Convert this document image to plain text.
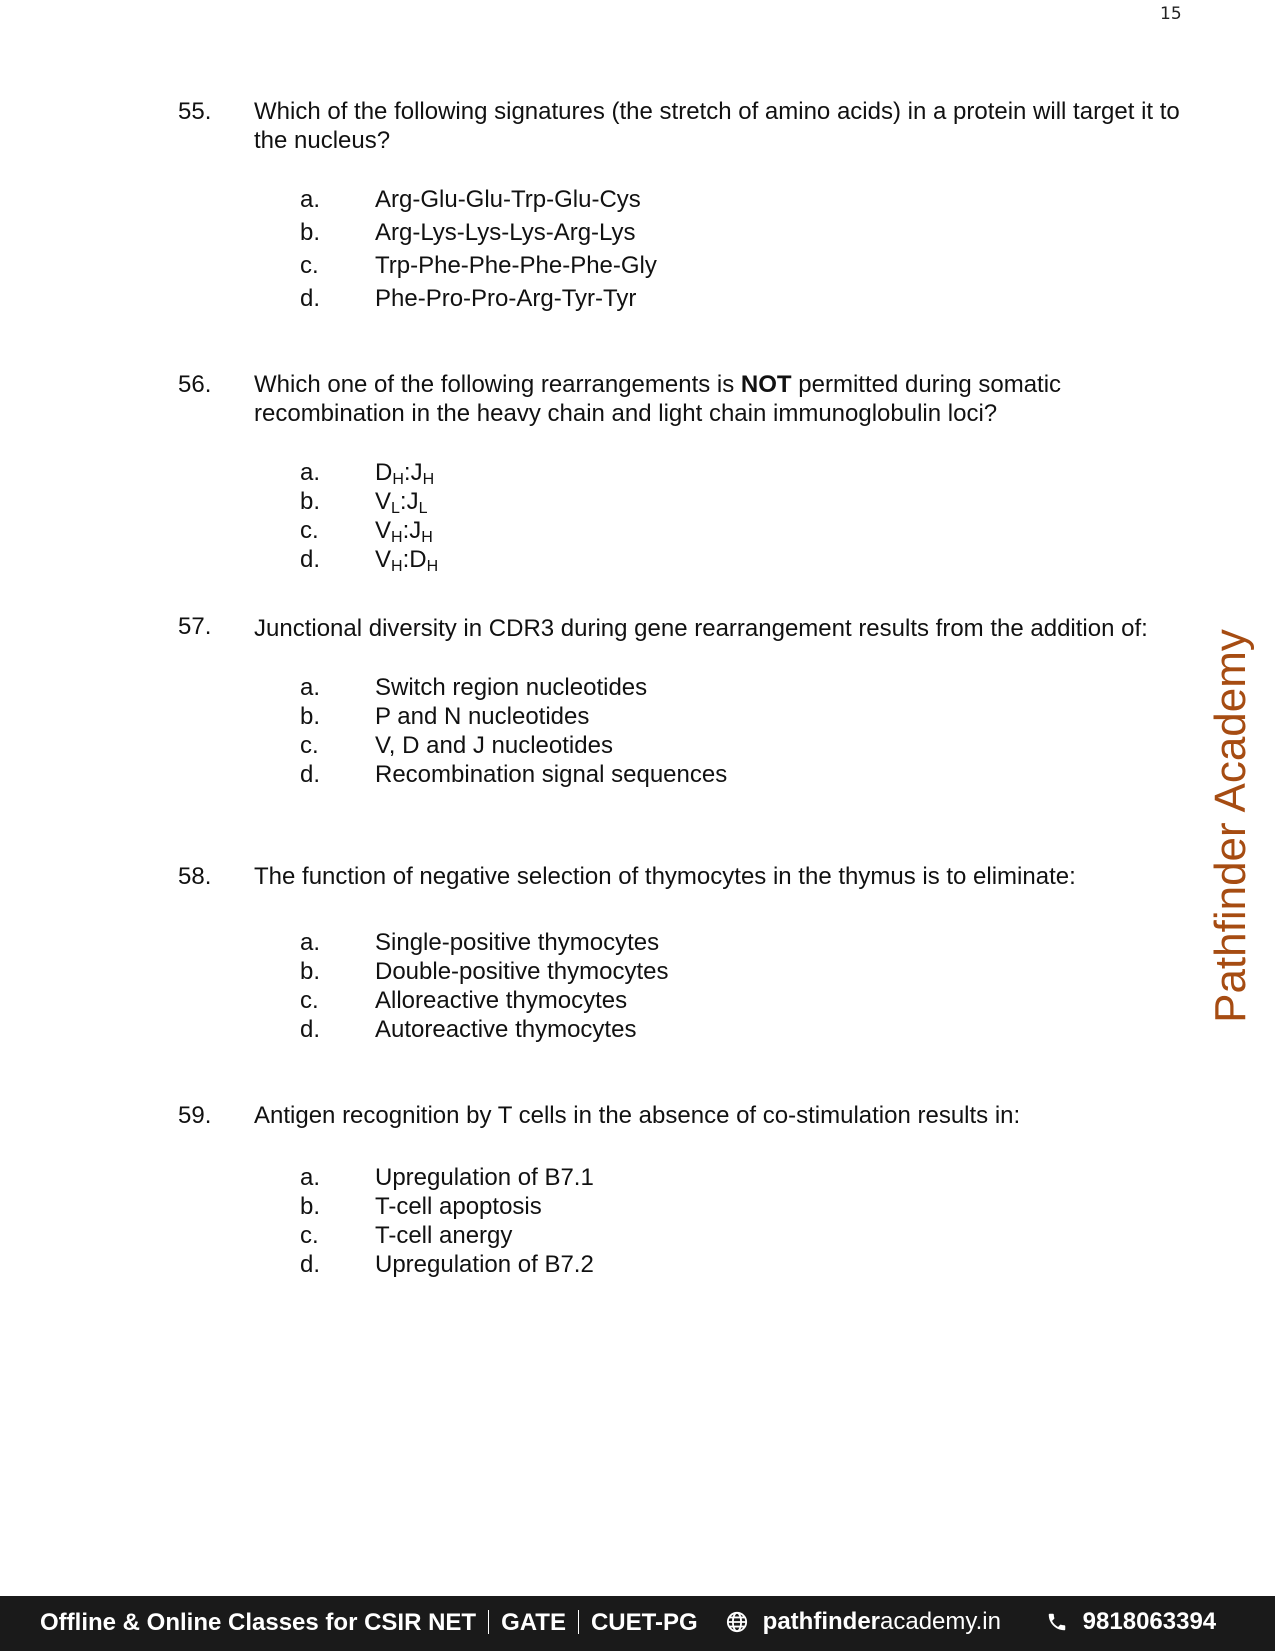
15
55. Which of the following signatures (the stretch of amino acids) in a protein will target it to the nucleus?
a. Arg-Glu-Glu-Trp-Glu-Cys
b. Arg-Lys-Lys-Lys-Arg-Lys
c. Trp-Phe-Phe-Phe-Phe-Gly
d. Phe-Pro-Pro-Arg-Tyr-Tyr
56. Which one of the following rearrangements is NOT permitted during somatic recombination in the heavy chain and light chain immunoglobulin loci?
a. $D_H:J_H$
b. $V_L:J_L$
c. $V_H:J_H$
d. $V_H:D_H$
57. Junctional diversity in CDR3 during gene rearrangement results from the addition of:
a. Switch region nucleotides
b. P and N nucleotides
c. V, D and J nucleotides
d. Recombination signal sequences
58. The function of negative selection of thymocytes in the thymus is to eliminate:
a. Single-positive thymocytes
b. Double-positive thymocytes
c. Alloreactive thymocytes
d. Autoreactive thymocytes
59. Antigen recognition by T cells in the absence of co-stimulation results in:
a. Upregulation of B7.1
b. T-cell apoptosis
c. T-cell anergy
d. Upregulation of B7.2
Pathfinder Academy
Offline & Online Classes for CSIR NET GATE CUET-PG	pathfinderacademy.in	9818063394
